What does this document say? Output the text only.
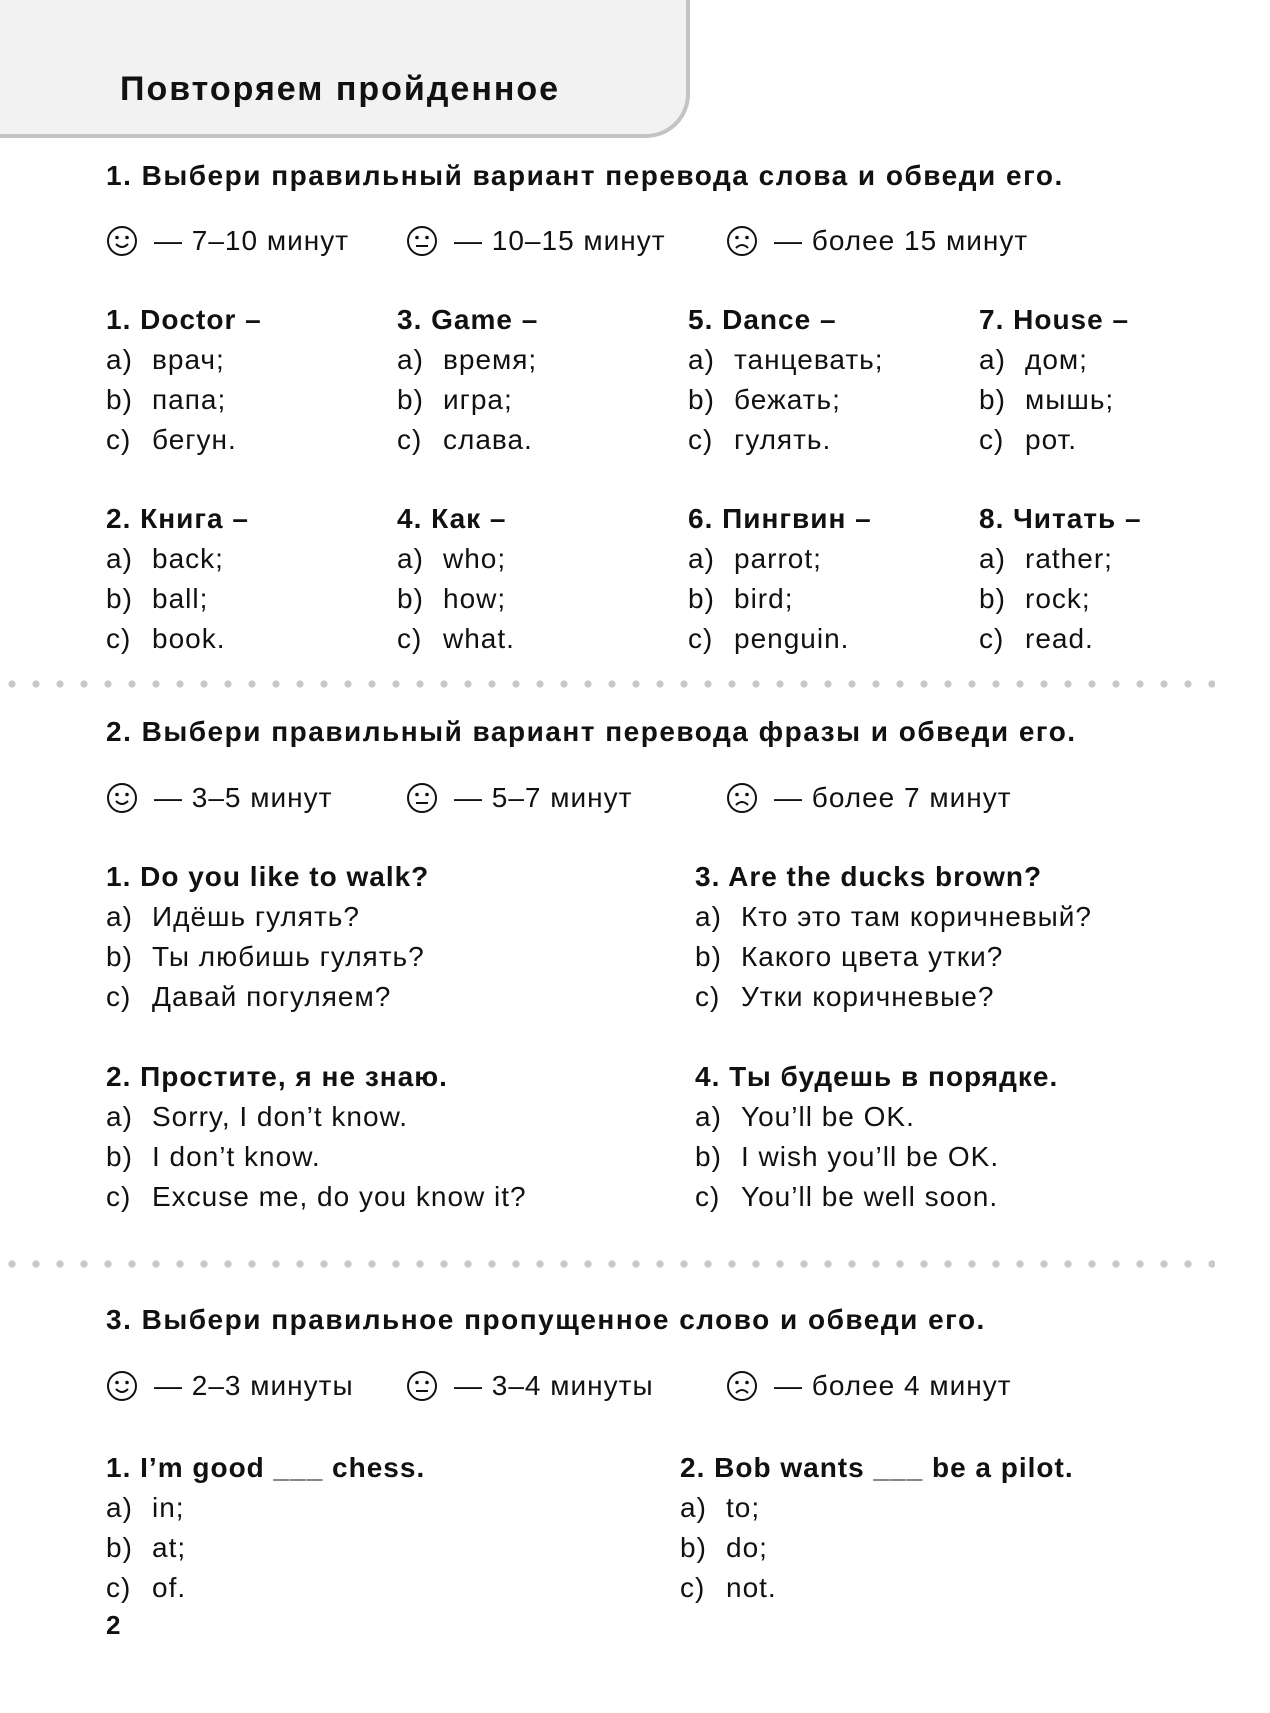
Повторяем пройденное
1. Выбери правильный вариант перевода слова и обведи его.
— 7–10 минут	— 10–15 минут	— более 15 минут
1. Doctor –
a) врач;
b) папа;
c) бегун.
3. Game –
a) время;
b) игра;
c) слава.
5. Dance –
a) танцевать;
b) бежать;
c) гулять.
7. House –
a) дом;
b) мышь;
c) рот.
2. Книга –
a) back;
b) ball;
c) book.
4. Как –
a) who;
b) how;
c) what.
6. Пингвин –
a) parrot;
b) bird;
c) penguin.
8. Читать –
a) rather;
b) rock;
c) read.
2. Выбери правильный вариант перевода фразы и обведи его.
— 3–5 минут	— 5–7 минут	— более 7 минут
1. Do you like to walk?
a) Идёшь гулять?
b) Ты любишь гулять?
c) Давай погуляем?
3. Are the ducks brown?
a) Кто это там коричневый?
b) Какого цвета утки?
c) Утки коричневые?
2. Простите, я не знаю.
a) Sorry, I don’t know.
b) I don’t know.
c) Excuse me, do you know it?
4. Ты будешь в порядке.
a) You’ll be OK.
b) I wish you’ll be OK.
c) You’ll be well soon.
3. Выбери правильное пропущенное слово и обведи его.
— 2–3 минуты	— 3–4 минуты	— более 4 минут
1. I’m good ___ chess.
a) in;
b) at;
c) of.
2. Bob wants ___ be a pilot.
a) to;
b) do;
c) not.
2
